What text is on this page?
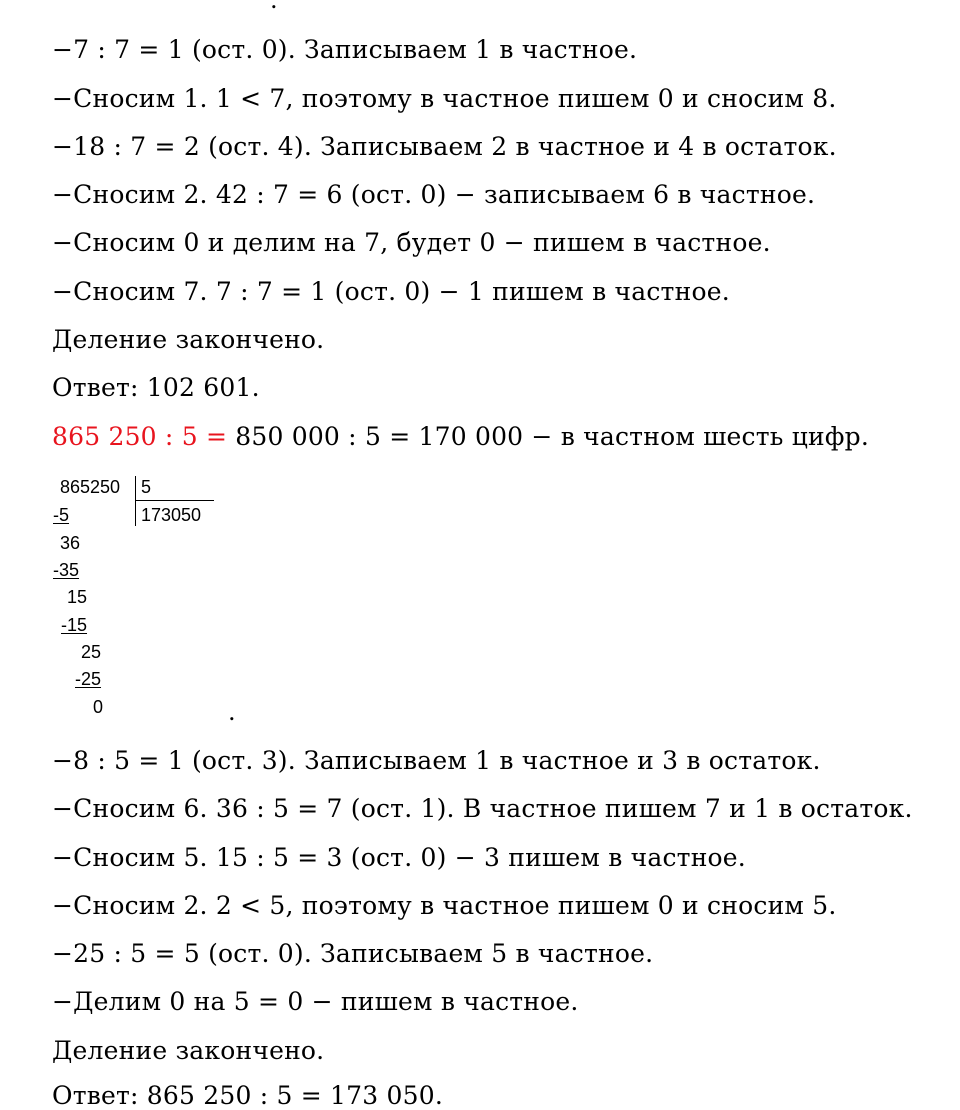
.
.
−7 : 7 = 1 (ост. 0). Записываем 1 в частное.
−Сносим 1. 1 < 7, поэтому в частное пишем 0 и сносим 8.
−18 : 7 = 2 (ост. 4). Записываем 2 в частное и 4 в остаток.
−Сносим 2. 42 : 7 = 6 (ост. 0) − записываем 6 в частное.
−Сносим 0 и делим на 7, будет 0 − пишем в частное.
−Сносим 7. 7 : 7 = 1 (ост. 0) − 1 пишем в частное.
Деление закончено.
Ответ: 102 601.
865 250 : 5 = 850 000 : 5 = 170 000 − в частном шесть цифр.
865250 5
173050
-5
36
-35
15
-15
25
-25
0
−8 : 5 = 1 (ост. 3). Записываем 1 в частное и 3 в остаток.
−Сносим 6. 36 : 5 = 7 (ост. 1). В частное пишем 7 и 1 в остаток.
−Сносим 5. 15 : 5 = 3 (ост. 0) − 3 пишем в частное.
−Сносим 2. 2 < 5, поэтому в частное пишем 0 и сносим 5.
−25 : 5 = 5 (ост. 0). Записываем 5 в частное.
−Делим 0 на 5 = 0 − пишем в частное.
Деление закончено.
Ответ: 865 250 : 5 = 173 050.
